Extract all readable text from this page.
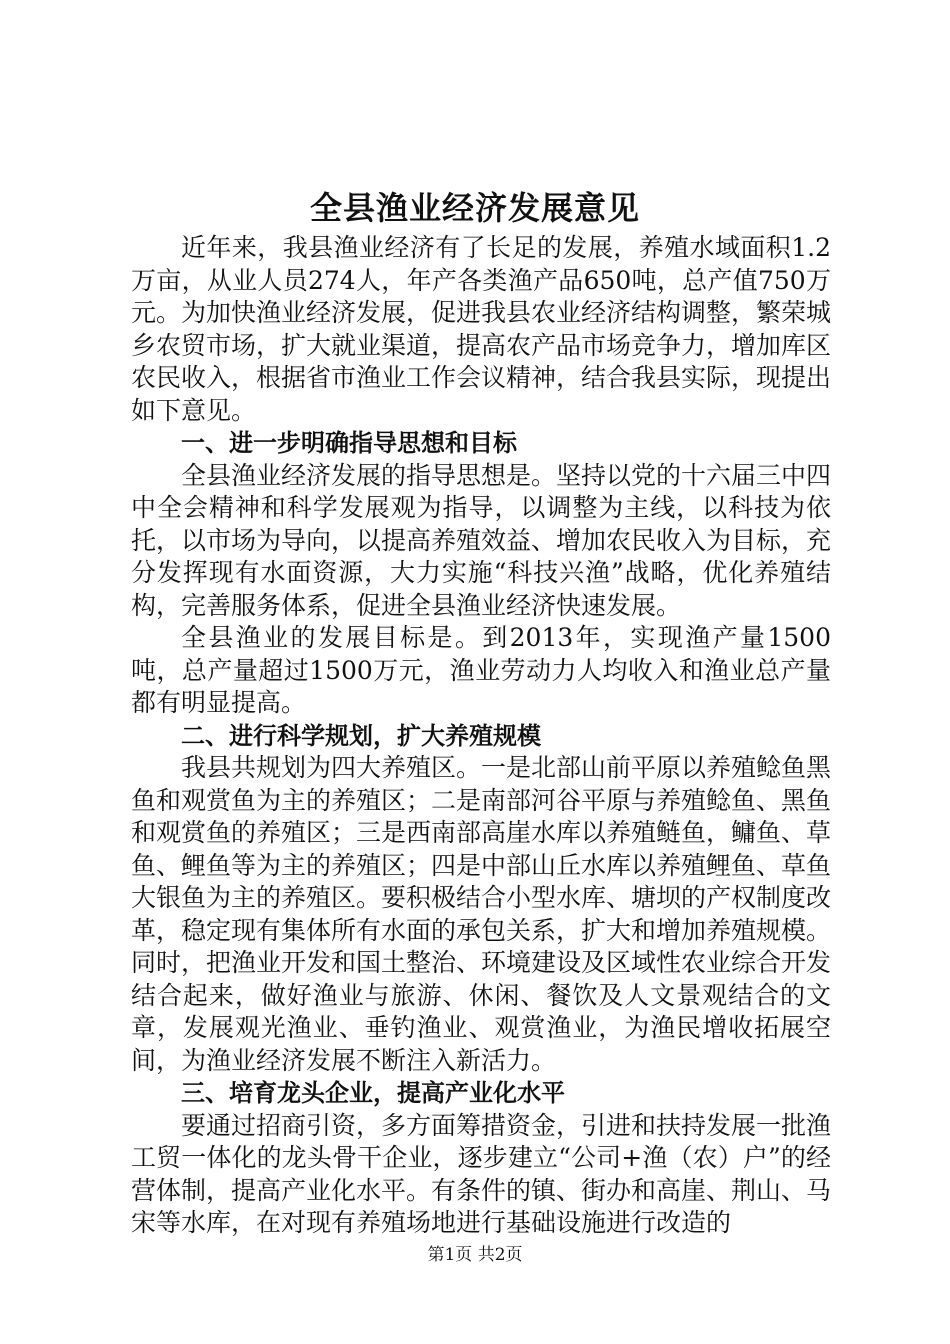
全县渔业经济发展意见

近年来，我县渔业经济有了长足的发展，养殖水域面积1.2万亩，从业人员274人，年产各类渔产品650吨，总产值750万元。为加快渔业经济发展，促进我县农业经济结构调整，繁荣城乡农贸市场，扩大就业渠道，提高农产品市场竞争力，增加库区农民收入，根据省市渔业工作会议精神，结合我县实际，现提出如下意见。

一、进一步明确指导思想和目标

全县渔业经济发展的指导思想是。坚持以党的十六届三中四中全会精神和科学发展观为指导，以调整为主线，以科技为依托，以市场为导向，以提高养殖效益、增加农民收入为目标，充分发挥现有水面资源，大力实施“科技兴渔”战略，优化养殖结构，完善服务体系，促进全县渔业经济快速发展。

全县渔业的发展目标是。到2013年，实现渔产量1500吨，总产量超过1500万元，渔业劳动力人均收入和渔业总产量都有明显提高。

二、进行科学规划，扩大养殖规模

我县共规划为四大养殖区。一是北部山前平原以养殖鲶鱼黑鱼和观赏鱼为主的养殖区；二是南部河谷平原与养殖鲶鱼、黑鱼和观赏鱼的养殖区；三是西南部高崖水库以养殖鲢鱼，鳙鱼、草鱼、鲤鱼等为主的养殖区；四是中部山丘水库以养殖鲤鱼、草鱼大银鱼为主的养殖区。要积极结合小型水库、塘坝的产权制度改革，稳定现有集体所有水面的承包关系，扩大和增加养殖规模。同时，把渔业开发和国土整治、环境建设及区域性农业综合开发结合起来，做好渔业与旅游、休闲、餐饮及人文景观结合的文章，发展观光渔业、垂钓渔业、观赏渔业，为渔民增收拓展空间，为渔业经济发展不断注入新活力。

三、培育龙头企业，提高产业化水平

要通过招商引资，多方面筹措资金，引进和扶持发展一批渔工贸一体化的龙头骨干企业，逐步建立“公司+渔（农）户”的经营体制，提高产业化水平。有条件的镇、街办和高崖、荆山、马宋等水库，在对现有养殖场地进行基础设施进行改造的

第1页 共2页
